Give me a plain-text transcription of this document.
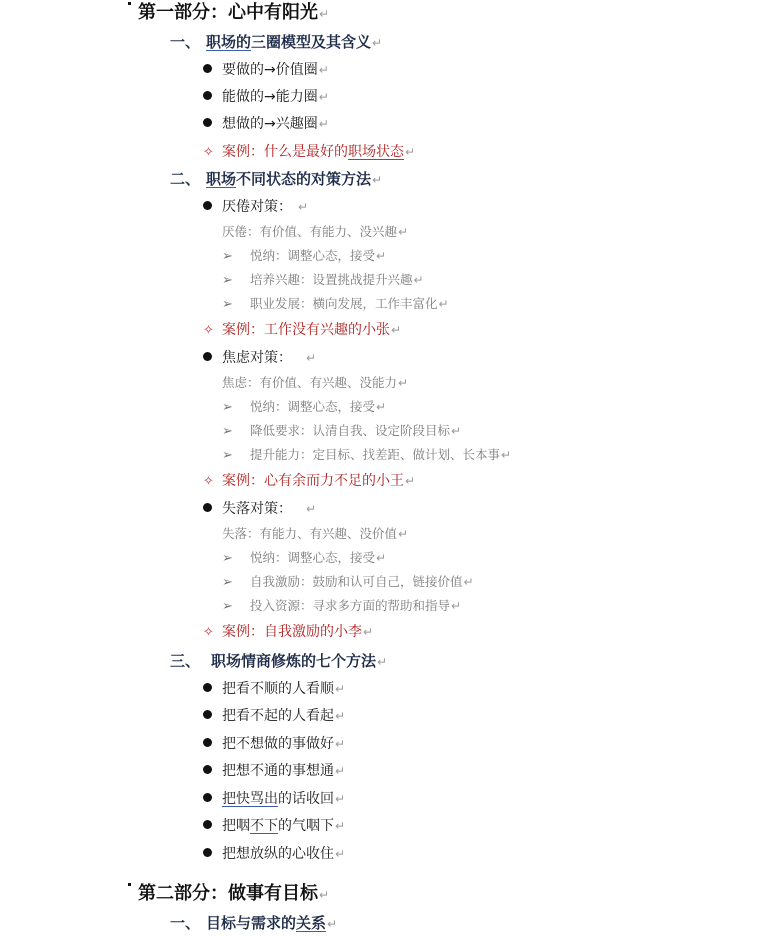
第一部分：心中有阳光↵
一、 职场的三圈模型及其含义↵
要做的→价值圈↵
能做的→能力圈↵
想做的→兴趣圈↵
✧ 案例：什么是最好的职场状态↵
二、 职场不同状态的对策方法↵
厌倦对策： ↵
厌倦：有价值、有能力、没兴趣↵
➢ 悦纳：调整心态，接受↵
➢ 培养兴趣：设置挑战提升兴趣↵
➢ 职业发展：横向发展，工作丰富化↵
✧ 案例：工作没有兴趣的小张↵
焦虑对策： ↵
焦虑：有价值、有兴趣、没能力↵
➢ 悦纳：调整心态，接受↵
➢ 降低要求：认清自我、设定阶段目标↵
➢ 提升能力：定目标、找差距、做计划、长本事↵
✧ 案例：心有余而力不足的小王↵
失落对策： ↵
失落：有能力、有兴趣、没价值↵
➢ 悦纳：调整心态，接受↵
➢ 自我激励：鼓励和认可自己，链接价值↵
➢ 投入资源：寻求多方面的帮助和指导↵
✧ 案例：自我激励的小李↵
三、 职场情商修炼的七个方法↵
把看不顺的人看顺↵
把看不起的人看起↵
把不想做的事做好↵
把想不通的事想通↵
把快骂出的话收回↵
把咽不下的气咽下↵
把想放纵的心收住↵
第二部分：做事有目标↵
一、 目标与需求的关系↵
